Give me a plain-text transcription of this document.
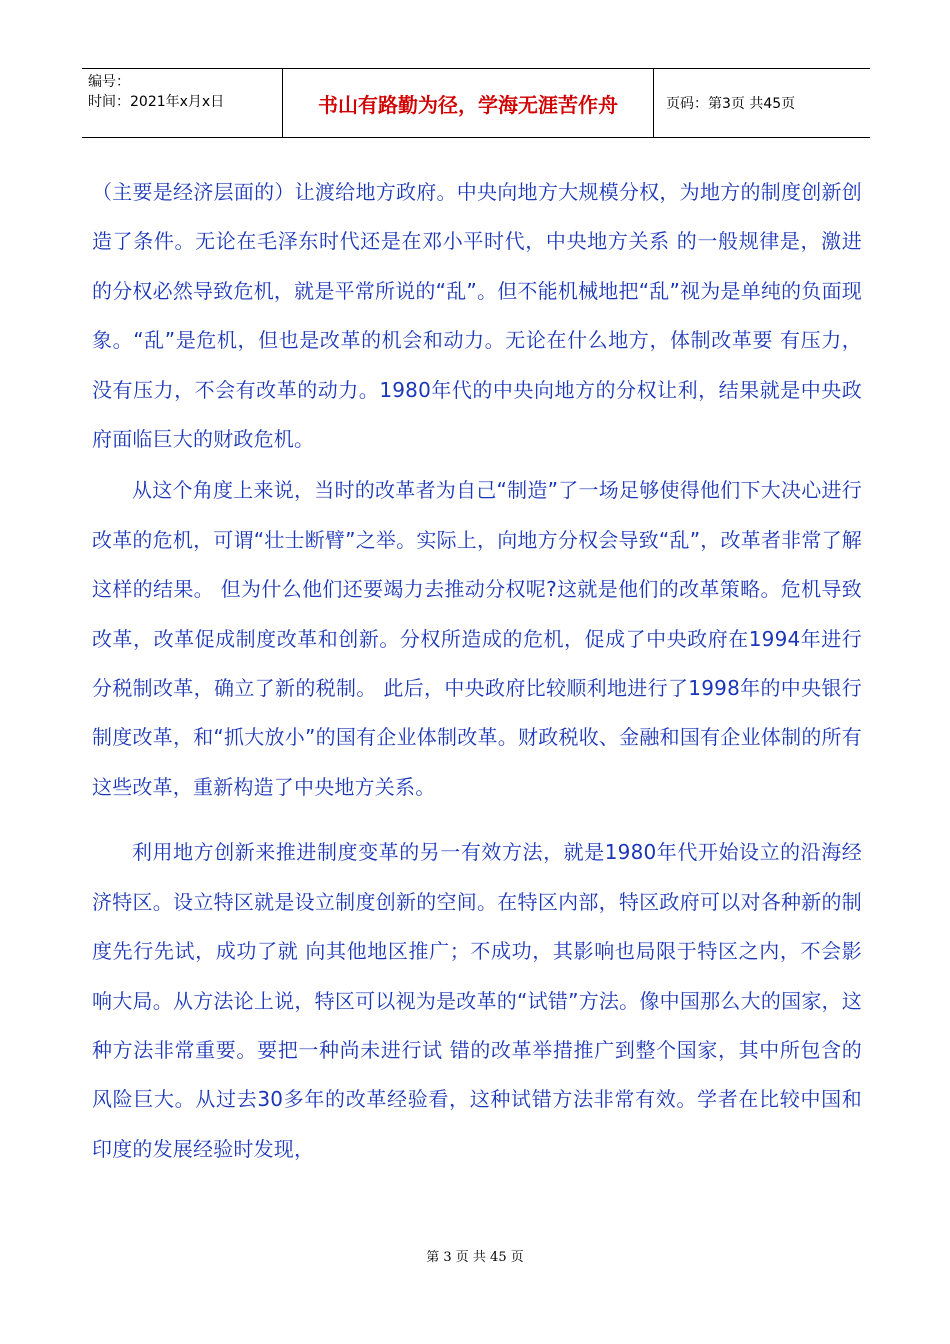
编号：
时间：2021年x月x日	书山有路勤为径，学海无涯苦作舟	页码：第3页 共45页

（主要是经济层面的）让渡给地方政府。中央向地方大规模分权，为地方的制度创新创造了条件。无论在毛泽东时代还是在邓小平时代，中央地方关系 的一般规律是，激进的分权必然导致危机，就是平常所说的“乱”。但不能机械地把“乱”视为是单纯的负面现象。“乱”是危机，但也是改革的机会和动力。无论在什么地方，体制改革要 有压力，没有压力，不会有改革的动力。1980年代的中央向地方的分权让利，结果就是中央政府面临巨大的财政危机。

从这个角度上来说，当时的改革者为自己“制造”了一场足够使得他们下大决心进行改革的危机，可谓“壮士断臂”之举。实际上，向地方分权会导致“乱”，改革者非常了解这样的结果。 但为什么他们还要竭力去推动分权呢?这就是他们的改革策略。危机导致改革，改革促成制度改革和创新。分权所造成的危机，促成了中央政府在1994年进行分税制改革，确立了新的税制。 此后，中央政府比较顺利地进行了1998年的中央银行制度改革，和“抓大放小”的国有企业体制改革。财政税收、金融和国有企业体制的所有这些改革，重新构造了中央地方关系。

利用地方创新来推进制度变革的另一有效方法，就是1980年代开始设立的沿海经济特区。设立特区就是设立制度创新的空间。在特区内部，特区政府可以对各种新的制度先行先试，成功了就 向其他地区推广；不成功，其影响也局限于特区之内，不会影响大局。从方法论上说，特区可以视为是改革的“试错”方法。像中国那么大的国家，这种方法非常重要。要把一种尚未进行试 错的改革举措推广到整个国家，其中所包含的风险巨大。从过去30多年的改革经验看，这种试错方法非常有效。学者在比较中国和印度的发展经验时发现，

第 3 页 共 45 页
